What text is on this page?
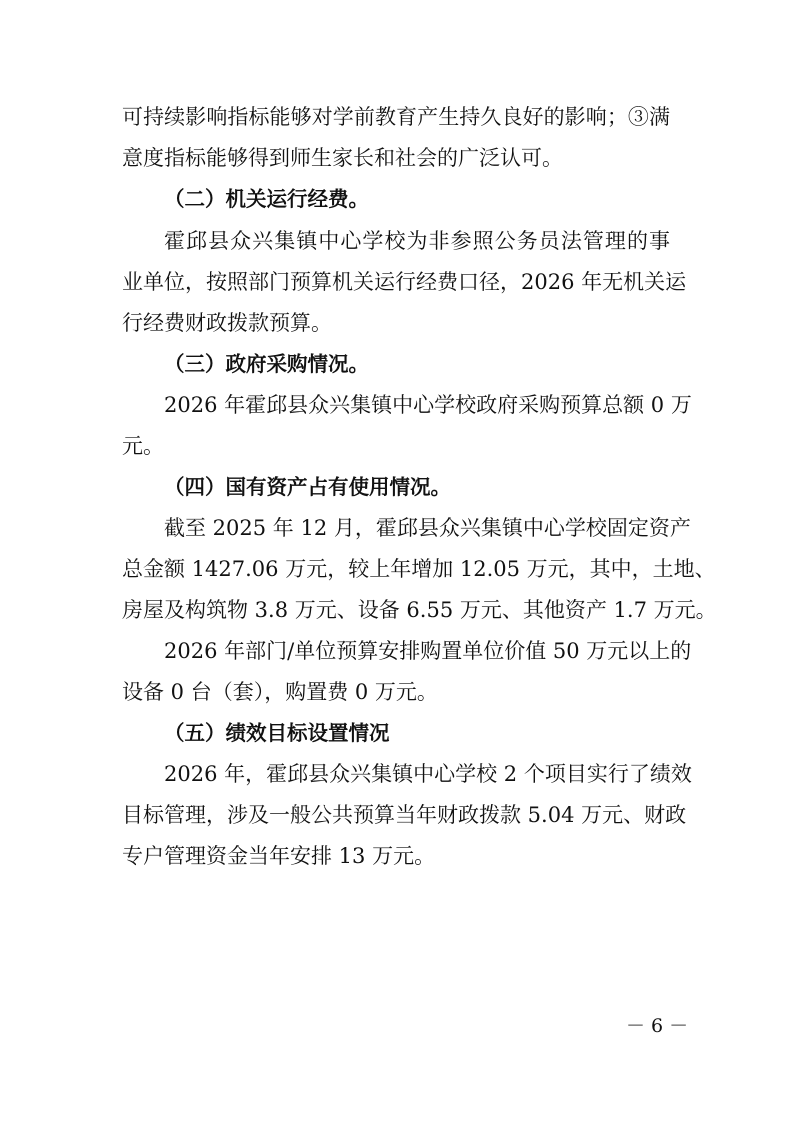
可持续影响指标能够对学前教育产生持久良好的影响；③满
意度指标能够得到师生家长和社会的广泛认可。
（二）机关运行经费。
霍邱县众兴集镇中心学校为非参照公务员法管理的事
业单位，按照部门预算机关运行经费口径，2026 年无机关运
行经费财政拨款预算。
（三）政府采购情况。
2026 年霍邱县众兴集镇中心学校政府采购预算总额 0 万
元。
（四）国有资产占有使用情况。
截至 2025 年 12 月，霍邱县众兴集镇中心学校固定资产
总金额 1427.06 万元，较上年增加 12.05 万元，其中，土地、
房屋及构筑物 3.8 万元、设备 6.55 万元、其他资产 1.7 万元。
2026 年部门/单位预算安排购置单位价值 50 万元以上的
设备 0 台（套），购置费 0 万元。
（五）绩效目标设置情况
2026 年，霍邱县众兴集镇中心学校 2 个项目实行了绩效
目标管理，涉及一般公共预算当年财政拨款 5.04 万元、财政
专户管理资金当年安排 13 万元。
－ 6 －
